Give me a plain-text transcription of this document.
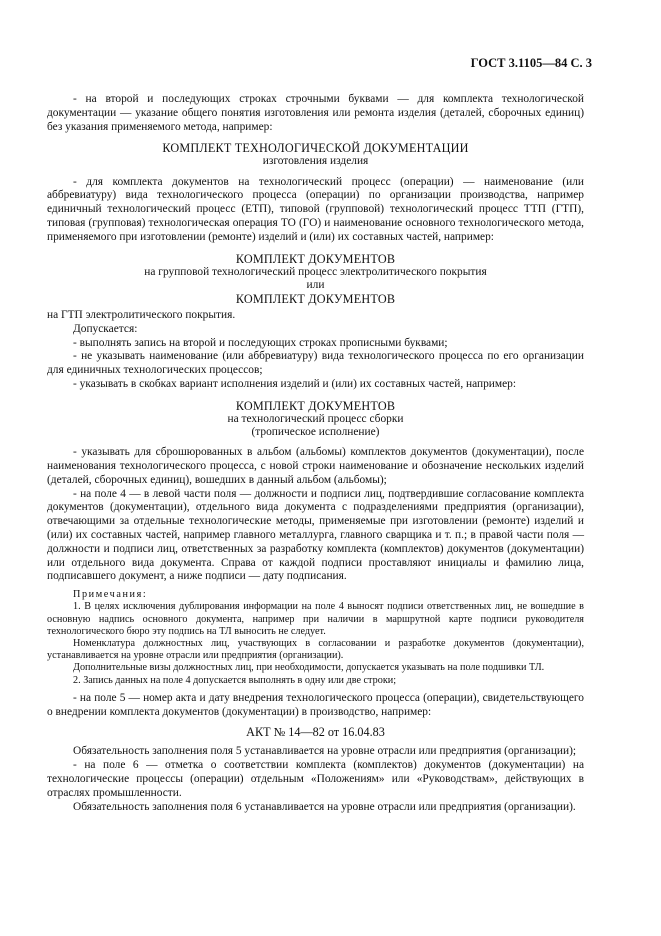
ГОСТ 3.1105—84 С. 3

- на второй и последующих строках строчными буквами — для комплекта технологической документации — указание общего понятия изготовления или ремонта изделия (деталей, сборочных единиц) без указания применяемого метода, например:

КОМПЛЕКТ ТЕХНОЛОГИЧЕСКОЙ ДОКУМЕНТАЦИИ

изготовления изделия

- для комплекта документов на технологический процесс (операции) — наименование (или аббревиатуру) вида технологического процесса (операции) по организации производства, например единичный технологический процесс (ЕТП), типовой (групповой) технологический процесс ТТП (ГТП), типовая (групповая) технологическая операция ТО (ГО) и наименование основного технологического метода, применяемого при изготовлении (ремонте) изделий и (или) их составных частей, например:

КОМПЛЕКТ ДОКУМЕНТОВ

на групповой технологический процесс электролитического покрытия

или

КОМПЛЕКТ ДОКУМЕНТОВ

на ГТП электролитического покрытия.

Допускается:

- выполнять запись на второй и последующих строках прописными буквами;

- не указывать наименование (или аббревиатуру) вида технологического процесса по его организации для единичных технологических процессов;

- указывать в скобках вариант исполнения изделий и (или) их составных частей, например:

КОМПЛЕКТ ДОКУМЕНТОВ

на технологический процесс сборки

(тропическое исполнение)

- указывать для сброшюрованных в альбом (альбомы) комплектов документов (документации), после наименования технологического процесса, с новой строки наименование и обозначение нескольких изделий (деталей, сборочных единиц), вошедших в данный альбом (альбомы);

- на поле 4 — в левой части поля — должности и подписи лиц, подтвердившие согласование комплекта документов (документации), отдельного вида документа с подразделениями предприятия (организации), отвечающими за отдельные технологические методы, применяемые при изготовлении (ремонте) изделий и (или) их составных частей, например главного металлурга, главного сварщика и т. п.; в правой части поля — должности и подписи лиц, ответственных за разработку комплекта (комплектов) документов (документации) или отдельного вида документа. Справа от каждой подписи проставляют инициалы и фамилию лица, подписавшего документ, а ниже подписи — дату подписания.

Примечания:

1. В целях исключения дублирования информации на поле 4 выносят подписи ответственных лиц, не вошедшие в основную надпись основного документа, например при наличии в маршрутной карте подписи руководителя технологического бюро эту подпись на ТЛ выносить не следует.

Номенклатура должностных лиц, участвующих в согласовании и разработке документов (документации), устанавливается на уровне отрасли или предприятия (организации).

Дополнительные визы должностных лиц, при необходимости, допускается указывать на поле подшивки ТЛ.

2. Запись данных на поле 4 допускается выполнять в одну или две строки;

- на поле 5 — номер акта и дату внедрения технологического процесса (операции), свидетельствующего о внедрении комплекта документов (документации) в производство, например:

АКТ № 14—82 от 16.04.83

Обязательность заполнения поля 5 устанавливается на уровне отрасли или предприятия (организации);

- на поле 6 — отметка о соответствии комплекта (комплектов) документов (документации) на технологические процессы (операции) отдельным «Положениям» или «Руководствам», действующих в отраслях промышленности.

Обязательность заполнения поля 6 устанавливается на уровне отрасли или предприятия (организации).
